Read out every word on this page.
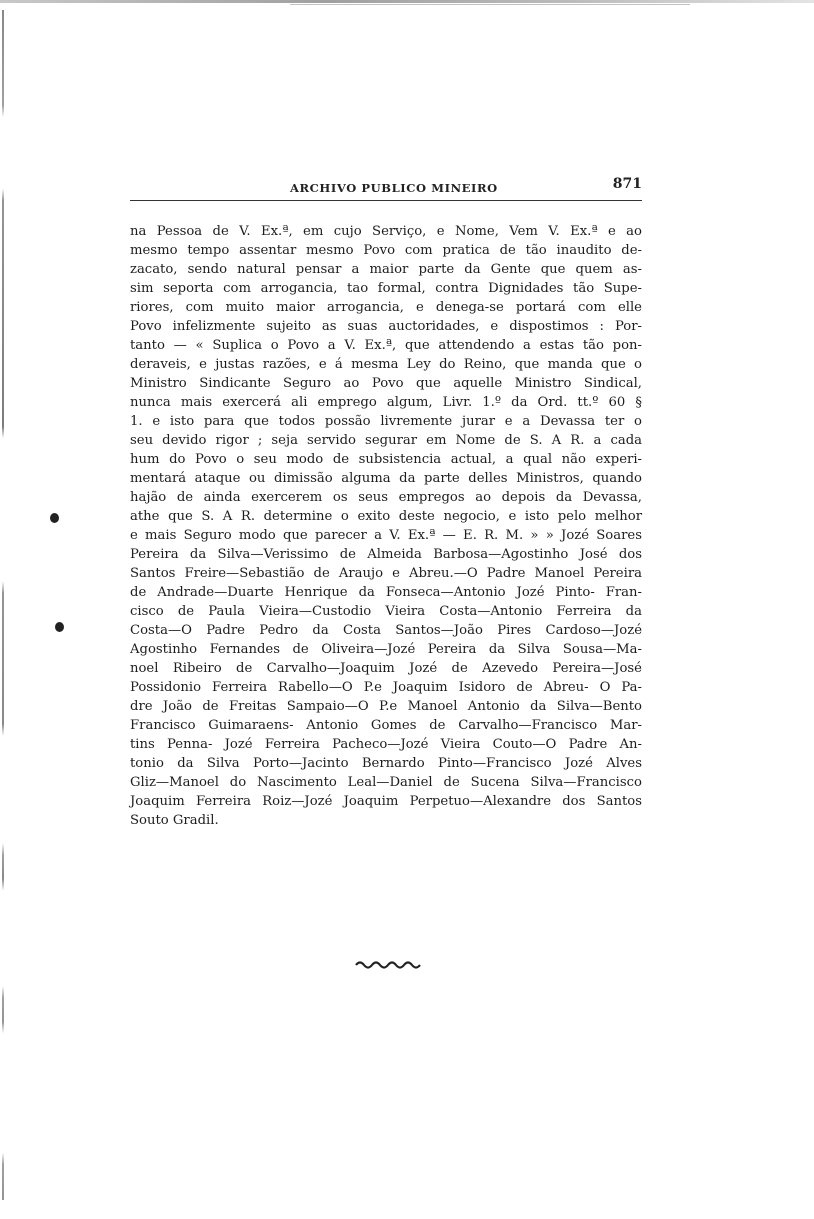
ARCHIVO PUBLICO MINEIRO	871
na Pessoa de V. Ex.ª, em cujo Serviço, e Nome, Vem V. Ex.ª e ao
mesmo tempo assentar mesmo Povo com pratica de tão inaudito de-
zacato, sendo natural pensar a maior parte da Gente que quem as-
sim seporta com arrogancia, tao formal, contra Dignidades tão Supe-
riores, com muito maior arrogancia, e denega-se portará com elle
Povo infelizmente sujeito as suas auctoridades, e dispostimos : Por-
tanto — « Suplica o Povo a V. Ex.ª, que attendendo a estas tão pon-
deraveis, e justas razões, e á mesma Ley do Reino, que manda que o
Ministro Sindicante Seguro ao Povo que aquelle Ministro Sindical,
nunca mais exercerá ali emprego algum, Livr. 1.º da Ord. tt.º 60 §
1. e isto para que todos possão livremente jurar e a Devassa ter o
seu devido rigor ; seja servido segurar em Nome de S. A R. a cada
hum do Povo o seu modo de subsistencia actual, a qual não experi-
mentará ataque ou dimissão alguma da parte delles Ministros, quando
hajão de ainda exercerem os seus empregos ao depois da Devassa,
athe que S. A R. determine o exito deste negocio, e isto pelo melhor
e mais Seguro modo que parecer a V. Ex.ª — E. R. M. » » Jozé Soares
Pereira da Silva—Verissimo de Almeida Barbosa—Agostinho José dos
Santos Freire—Sebastião de Araujo e Abreu.—O Padre Manoel Pereira
de Andrade—Duarte Henrique da Fonseca—Antonio Jozé Pinto- Fran-
cisco de Paula Vieira—Custodio Vieira Costa—Antonio Ferreira da
Costa—O Padre Pedro da Costa Santos—João Pires Cardoso—Jozé
Agostinho Fernandes de Oliveira—Jozé Pereira da Silva Sousa—Ma-
noel Ribeiro de Carvalho—Joaquim Jozé de Azevedo Pereira—José
Possidonio Ferreira Rabello—O P.e Joaquim Isidoro de Abreu- O Pa-
dre João de Freitas Sampaio—O P.e Manoel Antonio da Silva—Bento
Francisco Guimaraens- Antonio Gomes de Carvalho—Francisco Mar-
tins Penna- Jozé Ferreira Pacheco—Jozé Vieira Couto—O Padre An-
tonio da Silva Porto—Jacinto Bernardo Pinto—Francisco Jozé Alves
Gliz—Manoel do Nascimento Leal—Daniel de Sucena Silva—Francisco
Joaquim Ferreira Roiz—Jozé Joaquim Perpetuo—Alexandre dos Santos
Souto Gradil.
